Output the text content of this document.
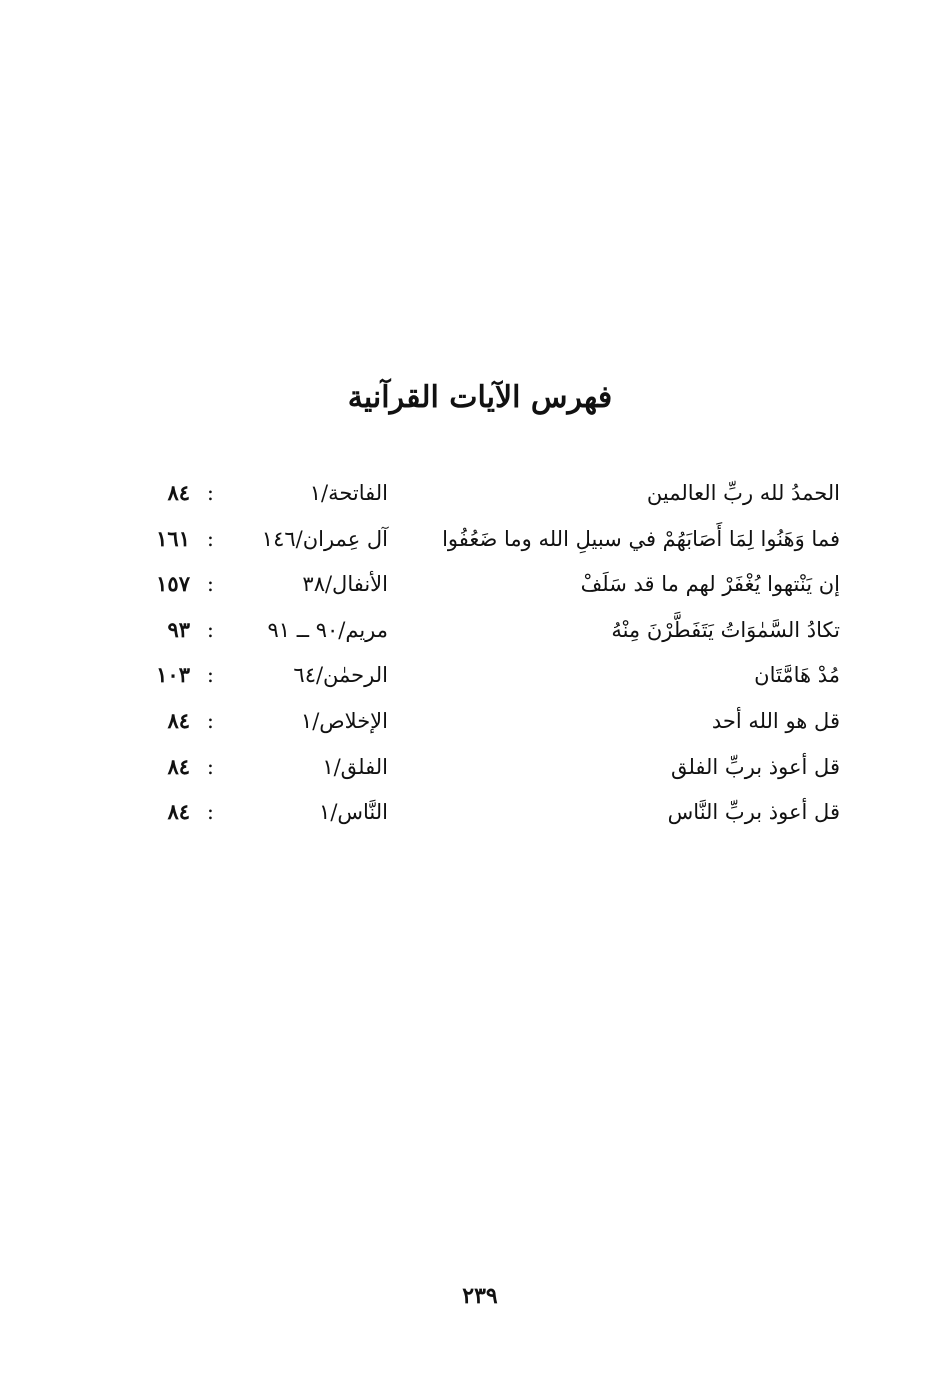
فهرس الآيات القرآنية
الحمدُ لله ربِّ العالمين
الفاتحة/١
:
٨٤
فما وَهَنُوا لِمَا أَصَابَهُمْ في سبيلِ الله وما ضَعُفُوا
آل عِمران/١٤٦
:
١٦١
إن يَنْتهوا يُغْفَرْ لهم ما قد سَلَفْ
الأنفال/٣٨
:
١٥٧
تكادُ السَّمٰوَاتُ يَتَفَطَّرْنَ مِنْهُ
مريم/٩٠ ــ ٩١
:
٩٣
مُدْ هَامَّتَان
الرحمٰن/٦٤
:
١٠٣
قل هو الله أحد
الإخلاص/١
:
٨٤
قل أعوذ بربِّ الفلق
الفلق/١
:
٨٤
قل أعوذ بربِّ النَّاس
النَّاس/١
:
٨٤
٢٣٩
